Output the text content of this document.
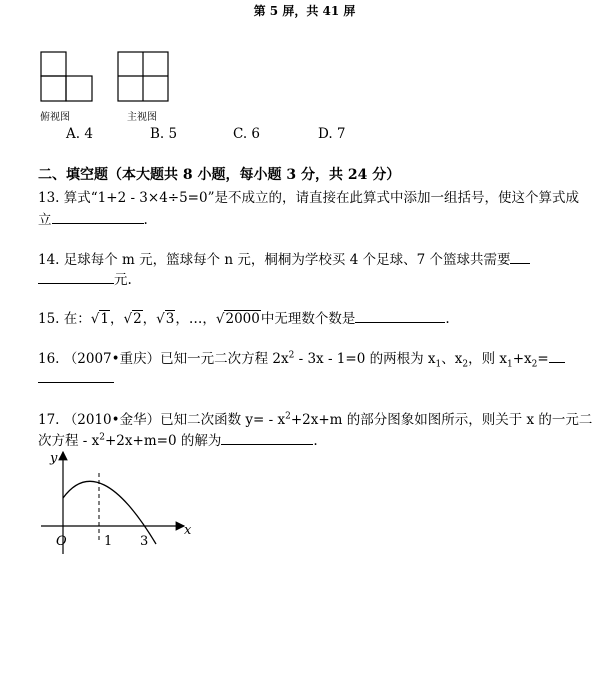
第 5 屏，共 41 屏
俯视图	主视图
A. 4	B. 5	C. 6	D. 7
二、填空题（本大题共 8 小题，每小题 3 分，共 24 分）
13. 算式“1+2 - 3×4÷5=0”是不成立的，请直接在此算式中添加一组括号，使这个算式成
立	.
14. 足球每个 m 元，篮球每个 n 元，桐桐为学校买 4 个足球、7 个篮球共需要
元.
15. 在：√1，√2，√3，…，√2000中无理数个数是	.
16. （2007•重庆）已知一元二次方程 $2x^2 - 3x - 1=0$ 的两根为 $x_1$、$x_2$，则 $x_1+x_2=$
17. （2010•金华）已知二次函数 $y= - x^2+2x+m$ 的部分图象如图所示，则关于 x 的一元二
次方程 - $x^2+2x+m=0$ 的解为	.
y
x
O	1 3
